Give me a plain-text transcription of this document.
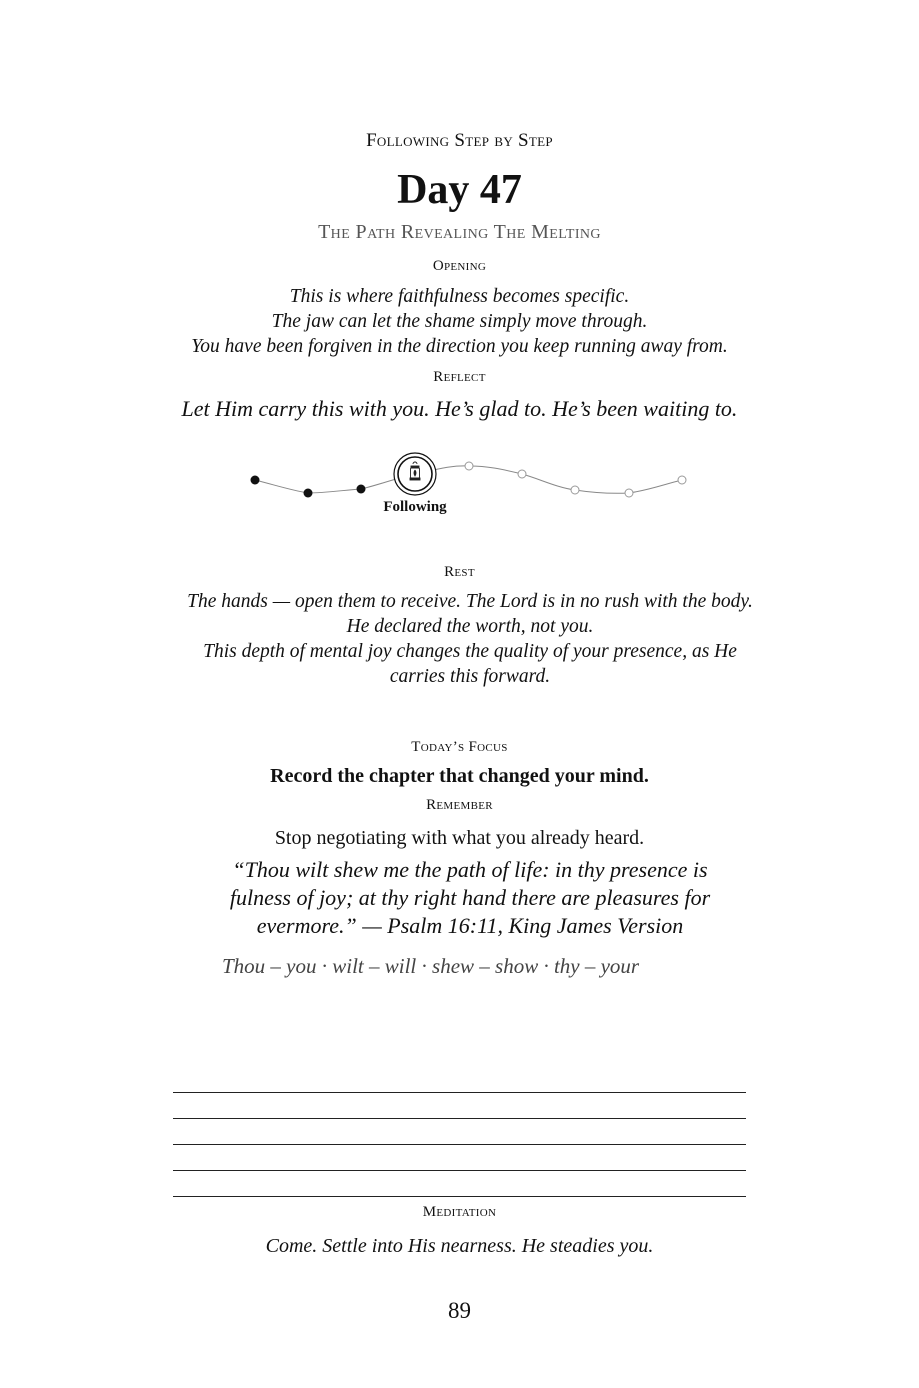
Following Step by Step
Day 47
The Path Revealing The Melting
Opening
This is where faithfulness becomes specific.
The jaw can let the shame simply move through.
You have been forgiven in the direction you keep running away from.
Reflect
Let Him carry this with you. He’s glad to. He’s been waiting to.
Following
Rest
The hands — open them to receive. The Lord is in no rush with the body.
He declared the worth, not you.
This depth of mental joy changes the quality of your presence, as He carries this forward.
Today’s Focus
Record the chapter that changed your mind.
Remember
Stop negotiating with what you already heard.
“Thou wilt shew me the path of life: in thy presence is fulness of joy; at thy right hand there are pleasures for evermore.” — Psalm 16:11, King James Version
Thou – you · wilt – will · shew – show · thy – your
Meditation
Come. Settle into His nearness. He steadies you.
89
